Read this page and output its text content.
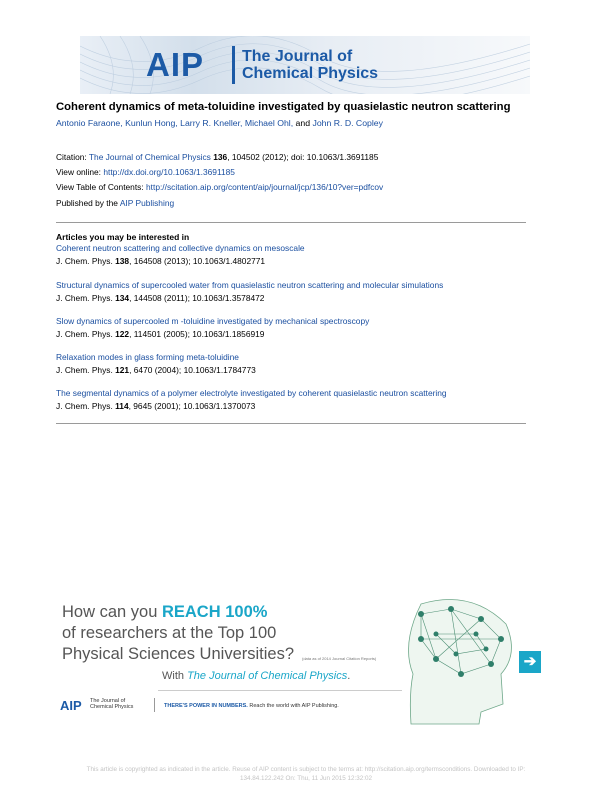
AIP The Journal of
Chemical Physics
Coherent dynamics of meta-toluidine investigated by quasielastic neutron scattering
Antonio Faraone, Kunlun Hong, Larry R. Kneller, Michael Ohl, and John R. D. Copley
Citation: The Journal of Chemical Physics 136, 104502 (2012); doi: 10.1063/1.3691185
View online: http://dx.doi.org/10.1063/1.3691185
View Table of Contents: http://scitation.aip.org/content/aip/journal/jcp/136/10?ver=pdfcov
Published by the AIP Publishing
Articles you may be interested in
Coherent neutron scattering and collective dynamics on mesoscale
J. Chem. Phys. 138, 164508 (2013); 10.1063/1.4802771
Structural dynamics of supercooled water from quasielastic neutron scattering and molecular simulations
J. Chem. Phys. 134, 144508 (2011); 10.1063/1.3578472
Slow dynamics of supercooled m -toluidine investigated by mechanical spectroscopy
J. Chem. Phys. 122, 114501 (2005); 10.1063/1.1856919
Relaxation modes in glass forming meta-toluidine
J. Chem. Phys. 121, 6470 (2004); 10.1063/1.1784773
The segmental dynamics of a polymer electrolyte investigated by coherent quasielastic neutron scattering
J. Chem. Phys. 114, 9645 (2001); 10.1063/1.1370073
How can you REACH 100%
of researchers at the Top 100
Physical Sciences Universities? (data as of 2014 Journal Citation Reports)
With The Journal of Chemical Physics.
AIP The Journal of
Chemical Physics	THERE'S POWER IN NUMBERS. Reach the world with AIP Publishing.
➔
This article is copyrighted as indicated in the article. Reuse of AIP content is subject to the terms at: http://scitation.aip.org/termsconditions. Downloaded to IP:
134.84.122.242 On: Thu, 11 Jun 2015 12:32:02
